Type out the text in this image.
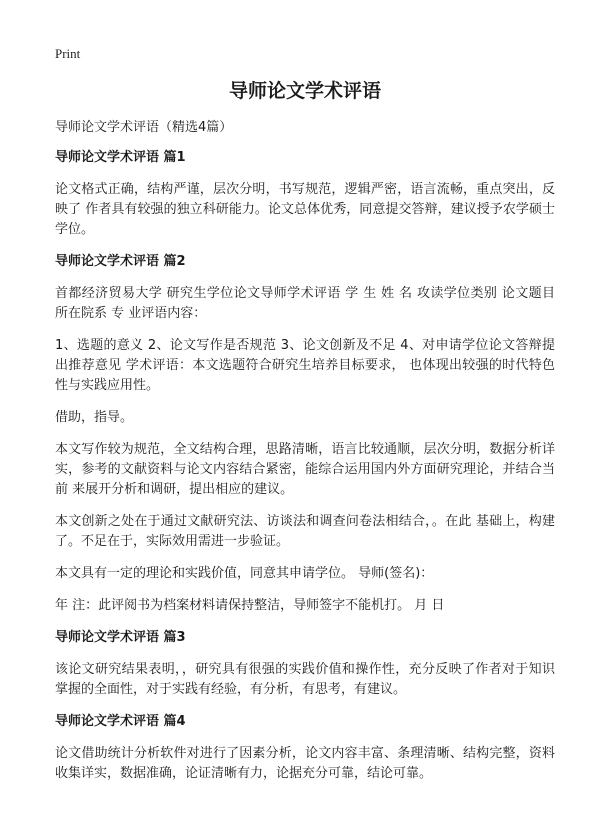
Print
导师论文学术评语
导师论文学术评语（精选4篇）
导师论文学术评语 篇1
论文格式正确，结构严谨，层次分明，书写规范，逻辑严密，语言流畅，重点突出，反映了 作者具有较强的独立科研能力。论文总体优秀，同意提交答辩，建议授予农学硕士学位。
导师论文学术评语 篇2
首都经济贸易大学 研究生学位论文导师学术评语 学 生 姓 名 攻读学位类别 论文题目 所在院系 专 业评语内容：
1、选题的意义 2、论文写作是否规范 3、论文创新及不足 4、对申请学位论文答辩提出推荐意见 学术评语：本文选题符合研究生培养目标要求， 也体现出较强的时代特色性与实践应用性。
借助，指导。
本文写作较为规范，全文结构合理，思路清晰，语言比较通顺，层次分明，数据分析详实，参考的文献资料与论文内容结合紧密，能综合运用国内外方面研究理论，并结合当前 来展开分析和调研，提出相应的建议。
本文创新之处在于通过文献研究法、访谈法和调查问卷法相结合，。在此 基础上，构建了。不足在于，实际效用需进一步验证。
本文具有一定的理论和实践价值，同意其申请学位。 导师(签名)：
年 注：此评阅书为档案材料请保持整洁，导师签字不能机打。 月 日
导师论文学术评语 篇3
该论文研究结果表明，，研究具有很强的实践价值和操作性，充分反映了作者对于知识掌握的全面性，对于实践有经验，有分析，有思考，有建议。
导师论文学术评语 篇4
论文借助统计分析软件对进行了因素分析，论文内容丰富、条理清晰、结构完整，资料收集详实，数据准确，论证清晰有力，论据充分可靠，结论可靠。
